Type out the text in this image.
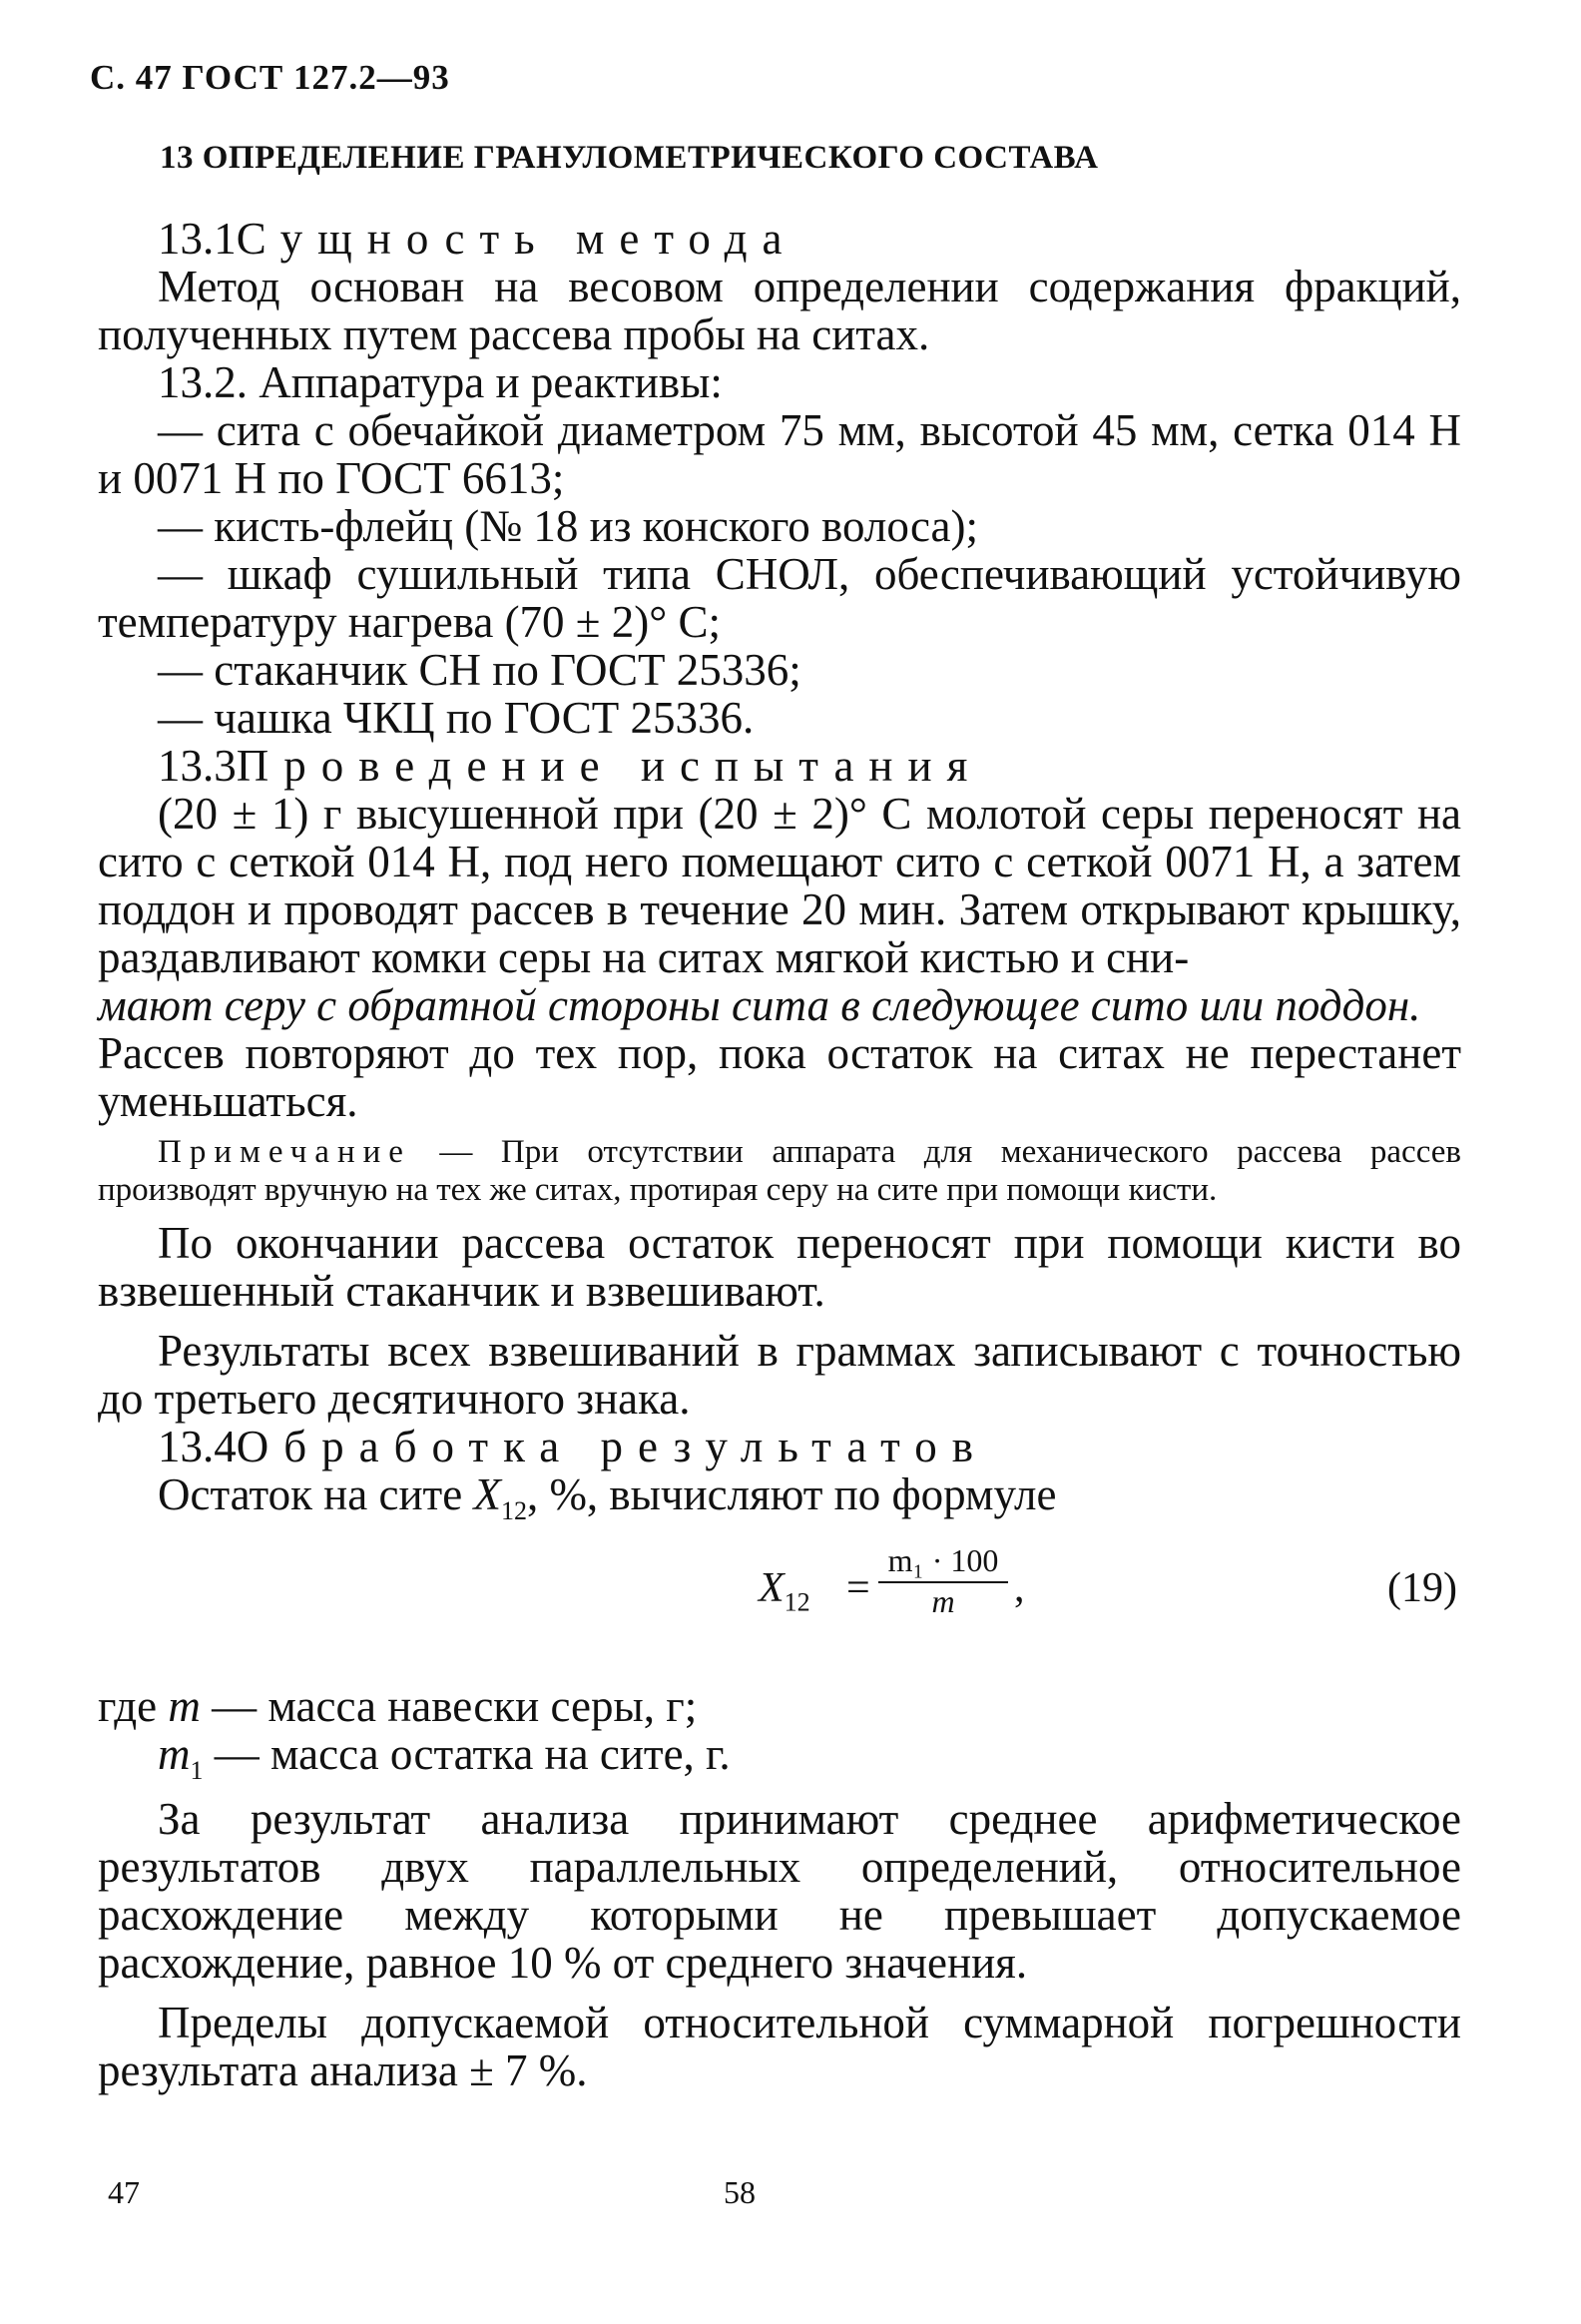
С. 47 ГОСТ 127.2—93
13 ОПРЕДЕЛЕНИЕ ГРАНУЛОМЕТРИЧЕСКОГО СОСТАВА

13.1Сущность метода

Метод основан на весовом определении содержания фракций, полученных путем рассева пробы на ситах.

13.2. Аппаратура и реактивы:

— сита с обечайкой диаметром 75 мм, высотой 45 мм, сетка 014 Н и 0071 Н по ГОСТ 6613;

— кисть-флейц (№ 18 из конского волоса);

— шкаф сушильный типа СНОЛ, обеспечивающий устойчивую температуру нагрева (70 ± 2)° С;

— стаканчик СН по ГОСТ 25336;

— чашка ЧКЦ по ГОСТ 25336.

13.3Проведение испытания

(20 ± 1) г высушенной при (20 ± 2)° С молотой серы переносят на сито с сеткой 014 Н, под него помещают сито с сеткой 0071 Н, а затем поддон и проводят рассев в течение 20 мин. Затем открывают крышку, раздавливают комки серы на ситах мягкой кистью и сни-

мают серу с обратной стороны сита в следующее сито или поддон.

Рассев повторяют до тех пор, пока остаток на ситах не перестанет уменьшаться.

Примечание — При отсутствии аппарата для механического рассева рассев производят вручную на тех же ситах, протирая серу на сите при помощи кисти.

По окончании рассева остаток переносят при помощи кисти во взвешенный стаканчик и взвешивают.

Результаты всех взвешиваний в граммах записывают с точностью до третьего десятичного знака.

13.4Обработка результатов

Остаток на сите $X_{12}$, %, вычисляют по формуле

$X_{12} = \frac{\text{m₁ · 100}}{m}$ ,	(19)

где m — масса навески серы, г;

$m_1$ — масса остатка на сите, г.

За результат анализа принимают среднее арифметическое результатов двух параллельных определений, относительное расхождение между которыми не превышает допускаемое расхождение, равное 10 % от среднего значения.

Пределы допускаемой относительной суммарной погрешности результата анализа ± 7 %.

47	58
